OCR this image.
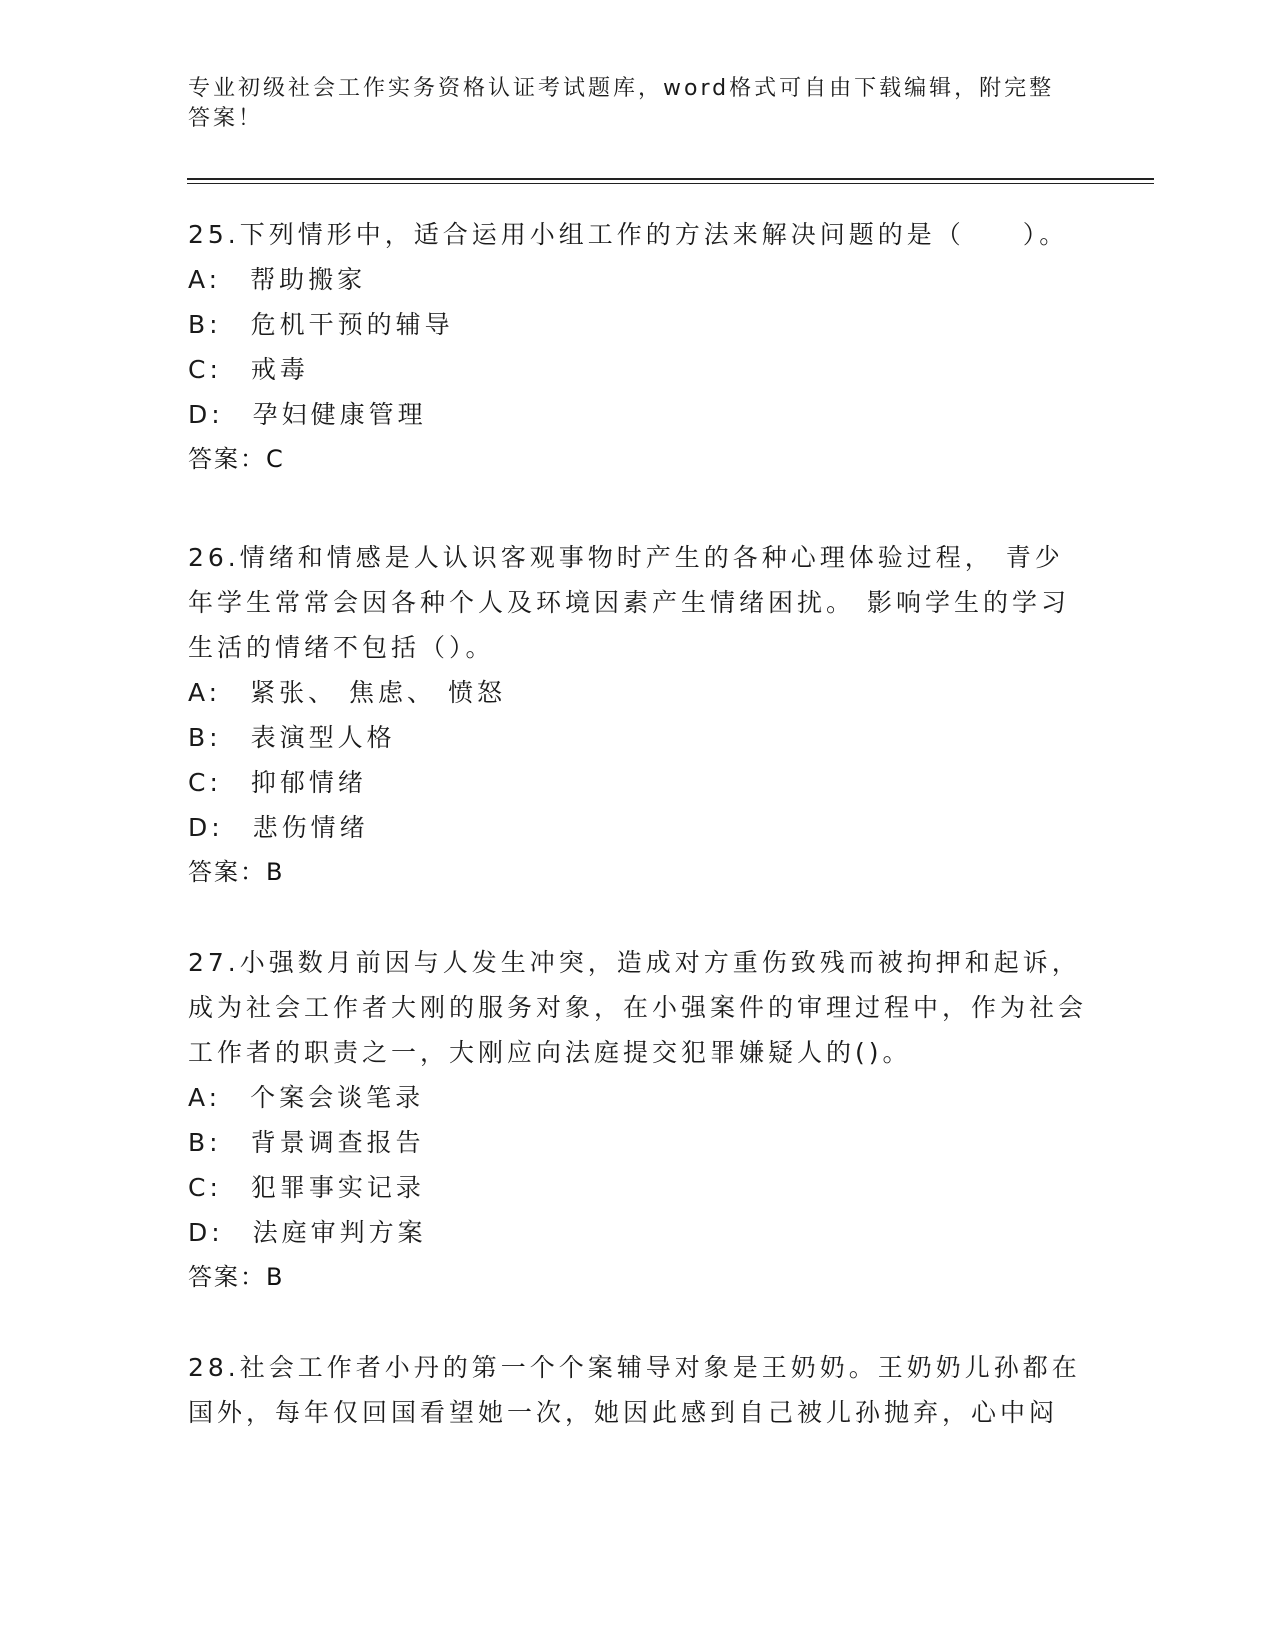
专业初级社会工作实务资格认证考试题库，word格式可自由下载编辑，附完整答案！

25.下列情形中，适合运用小组工作的方法来解决问题的是（　　）。

A:　帮助搬家

B:　危机干预的辅导

C:　戒毒

D:　孕妇健康管理

答案：C

26.情绪和情感是人认识客观事物时产生的各种心理体验过程， 青少年学生常常会因各种个人及环境因素产生情绪困扰。 影响学生的学习生活的情绪不包括（）。

A:　紧张、 焦虑、 愤怒

B:　表演型人格

C:　抑郁情绪

D:　悲伤情绪

答案：B

27.小强数月前因与人发生冲突，造成对方重伤致残而被拘押和起诉，成为社会工作者大刚的服务对象，在小强案件的审理过程中，作为社会工作者的职责之一，大刚应向法庭提交犯罪嫌疑人的()。

A:　个案会谈笔录

B:　背景调查报告

C:　犯罪事实记录

D:　法庭审判方案

答案：B

28.社会工作者小丹的第一个个案辅导对象是王奶奶。王奶奶儿孙都在国外，每年仅回国看望她一次，她因此感到自己被儿孙抛弃，心中闷
